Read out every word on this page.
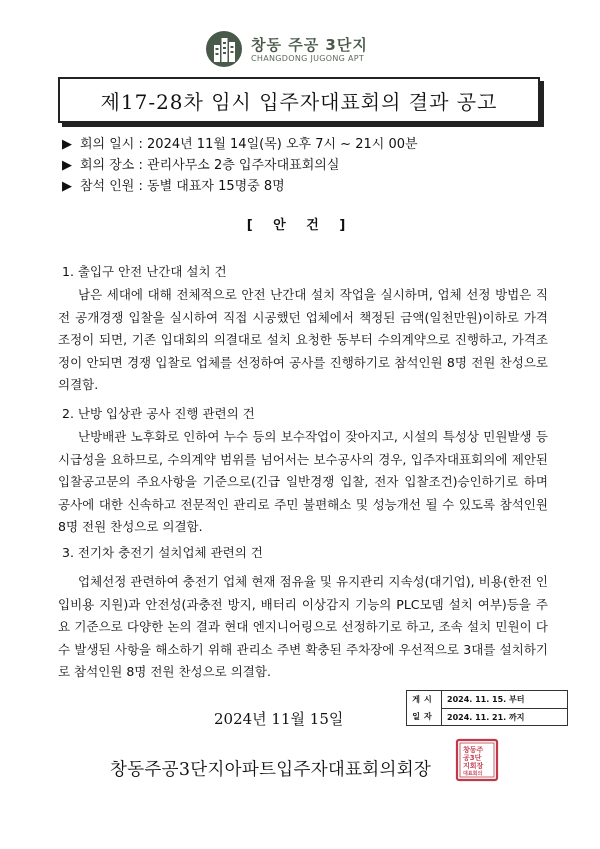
창동 주공 3단지
CHANGDONG JUGONG APT
제17-28차 임시 입주자대표회의 결과 공고
▶ 회의 일시 : 2024년 11월 14일(목) 오후 7시 ~ 21시 00분
▶ 회의 장소 : 관리사무소 2층 입주자대표회의실
▶ 참석 인원 : 동별 대표자 15명중 8명
[ 안 건 ]
1. 출입구 안전 난간대 설치 건
남은 세대에 대해 전체적으로 안전 난간대 설치 작업을 실시하며, 업체 선정 방법은 직전 공개경쟁 입찰을 실시하여 직접 시공했던 업체에서 책정된 금액(일천만원)이하로 가격조정이 되면, 기존 입대회의 의결대로 설치 요청한 동부터 수의계약으로 진행하고, 가격조정이 안되면 경쟁 입찰로 업체를 선정하여 공사를 진행하기로 참석인원 8명 전원 찬성으로 의결함.
2. 난방 입상관 공사 진행 관련의 건
난방배관 노후화로 인하여 누수 등의 보수작업이 잦아지고, 시설의 특성상 민원발생 등 시급성을 요하므로, 수의계약 범위를 넘어서는 보수공사의 경우, 입주자대표회의에 제안된 입찰공고문의 주요사항을 기준으로(긴급 일반경쟁 입찰, 전자 입찰조건)승인하기로 하며 공사에 대한 신속하고 전문적인 관리로 주민 불편해소 및 성능개선 될 수 있도록 참석인원 8명 전원 찬성으로 의결함.
3. 전기차 충전기 설치업체 관련의 건
업체선정 관련하여 충전기 업체 현재 점유율 및 유지관리 지속성(대기업), 비용(한전 인입비용 지원)과 안전성(과충전 방지, 배터리 이상감지 기능의 PLC모뎀 설치 여부)등을 주요 기준으로 다양한 논의 결과 현대 엔지니어링으로 선정하기로 하고, 조속 설치 민원이 다수 발생된 사항을 해소하기 위해 관리소 주변 확충된 주차장에 우선적으로 3대를 설치하기로 참석인원 8명 전원 찬성으로 의결함.
게시
일자
2024. 11. 15. 부터
2024. 11. 21. 까지
2024년 11월 15일
창동주공3단지아파트입주자대표회의회장
창동주
공3단
지회장
대표회의
